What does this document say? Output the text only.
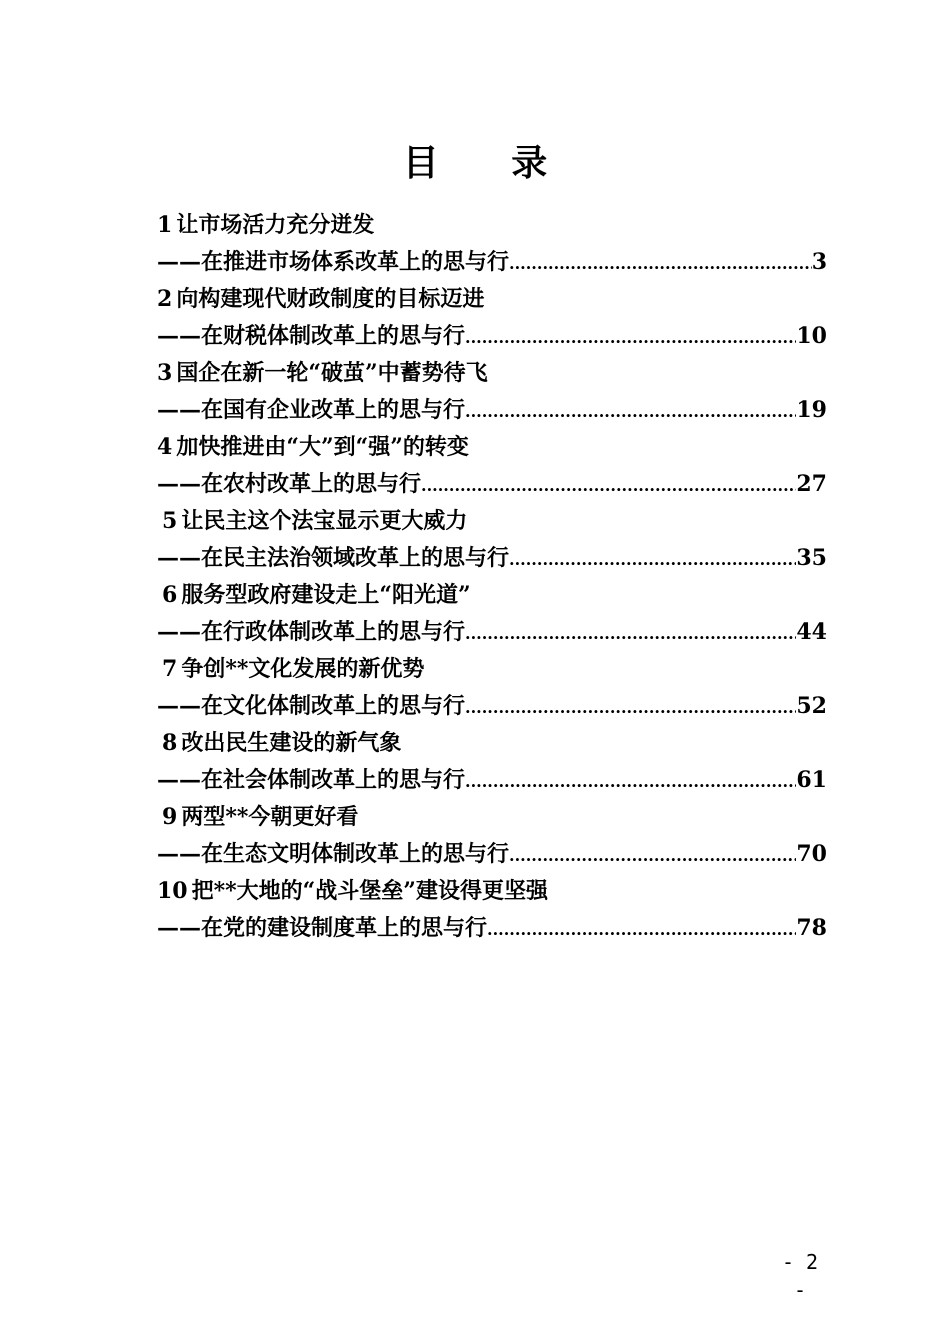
目 录
1 让市场活力充分迸发
——在推进市场体系改革上的思与行 .....	3
2 向构建现代财政制度的目标迈进
——在财税体制改革上的思与行 .....	10
3 国企在新一轮“破茧”中蓄势待飞
——在国有企业改革上的思与行 .....	19
4 加快推进由“大”到“强”的转变
——在农村改革上的思与行 .....	27
5 让民主这个法宝显示更大威力
——在民主法治领域改革上的思与行 .....	35
6 服务型政府建设走上“阳光道”
——在行政体制改革上的思与行 .....	44
7 争创**文化发展的新优势
——在文化体制改革上的思与行 .....	52
8 改出民生建设的新气象
——在社会体制改革上的思与行 .....	61
9 两型**今朝更好看
——在生态文明体制改革上的思与行 .....	70
10 把**大地的“战斗堡垒”建设得更坚强
——在党的建设制度革上的思与行 .....	78
- 2 -
